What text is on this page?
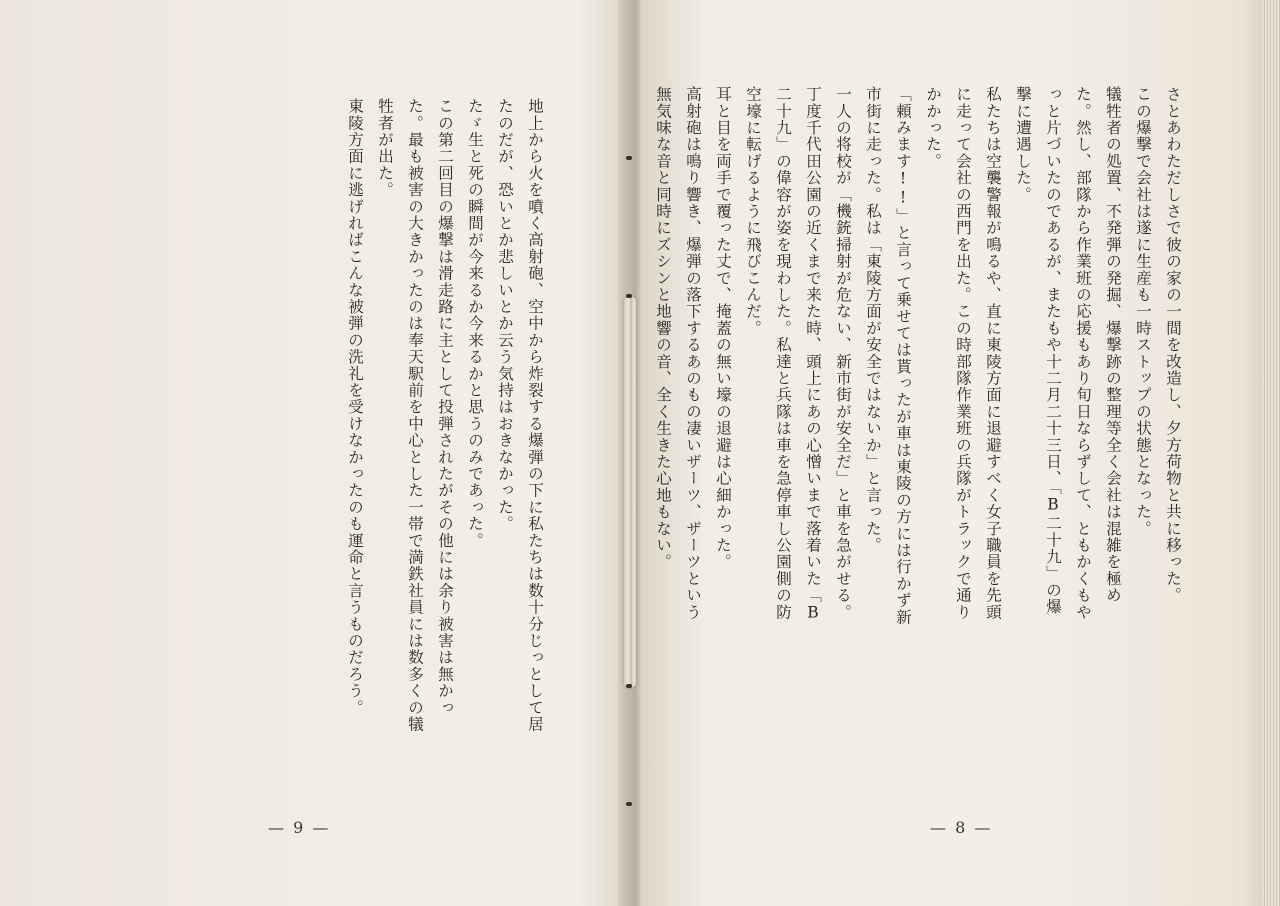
地上から火を噴く高射砲、空中から炸裂する爆弾の下に私たちは数十分じっとして居たのだが、恐いとか悲しいとか云う気持はおきなかった。

たゞ生と死の瞬間が今来るか今来るかと思うのみであった。

この第二回目の爆撃は滑走路に主として投弾されたがその他には余り被害は無かった。最も被害の大きかったのは奉天駅前を中心とした一帯で満鉄社員には数多くの犠牲者が出た。

東陵方面に逃げればこんな被弾の洗礼を受けなかったのも運命と言うものだろう。

— 9 —

さとあわただしさで彼の家の一間を改造し、夕方荷物と共に移った。

この爆撃で会社は遂に生産も一時ストップの状態となった。

犠牲者の処置、不発弾の発掘、爆撃跡の整理等全く会社は混雑を極めた。然し、部隊から作業班の応援もあり旬日ならずして、ともかくもやっと片づいたのであるが、またもや十二月二十三日、「B二十九」の爆撃に遭遇した。

私たちは空襲警報が鳴るや、直に東陵方面に退避すべく女子職員を先頭に走って会社の西門を出た。この時部隊作業班の兵隊がトラックで通りかかった。

「頼みます!!」と言って乗せては貰ったが車は東陵の方には行かず新市街に走った。私は「東陵方面が安全ではないか」と言った。

一人の将校が「機銃掃射が危ない、新市街が安全だ」と車を急がせる。丁度千代田公園の近くまで来た時、頭上にあの心憎いまで落着いた「B二十九」の偉容が姿を現わした。私達と兵隊は車を急停車し公園側の防空壕に転げるように飛びこんだ。

耳と目を両手で覆った丈で、掩蓋の無い壕の退避は心細かった。

高射砲は鳴り響き、爆弾の落下するあのもの凄いザーツ、ザーツという無気味な音と同時にズシンと地響の音、全く生きた心地もない。

— 8 —
